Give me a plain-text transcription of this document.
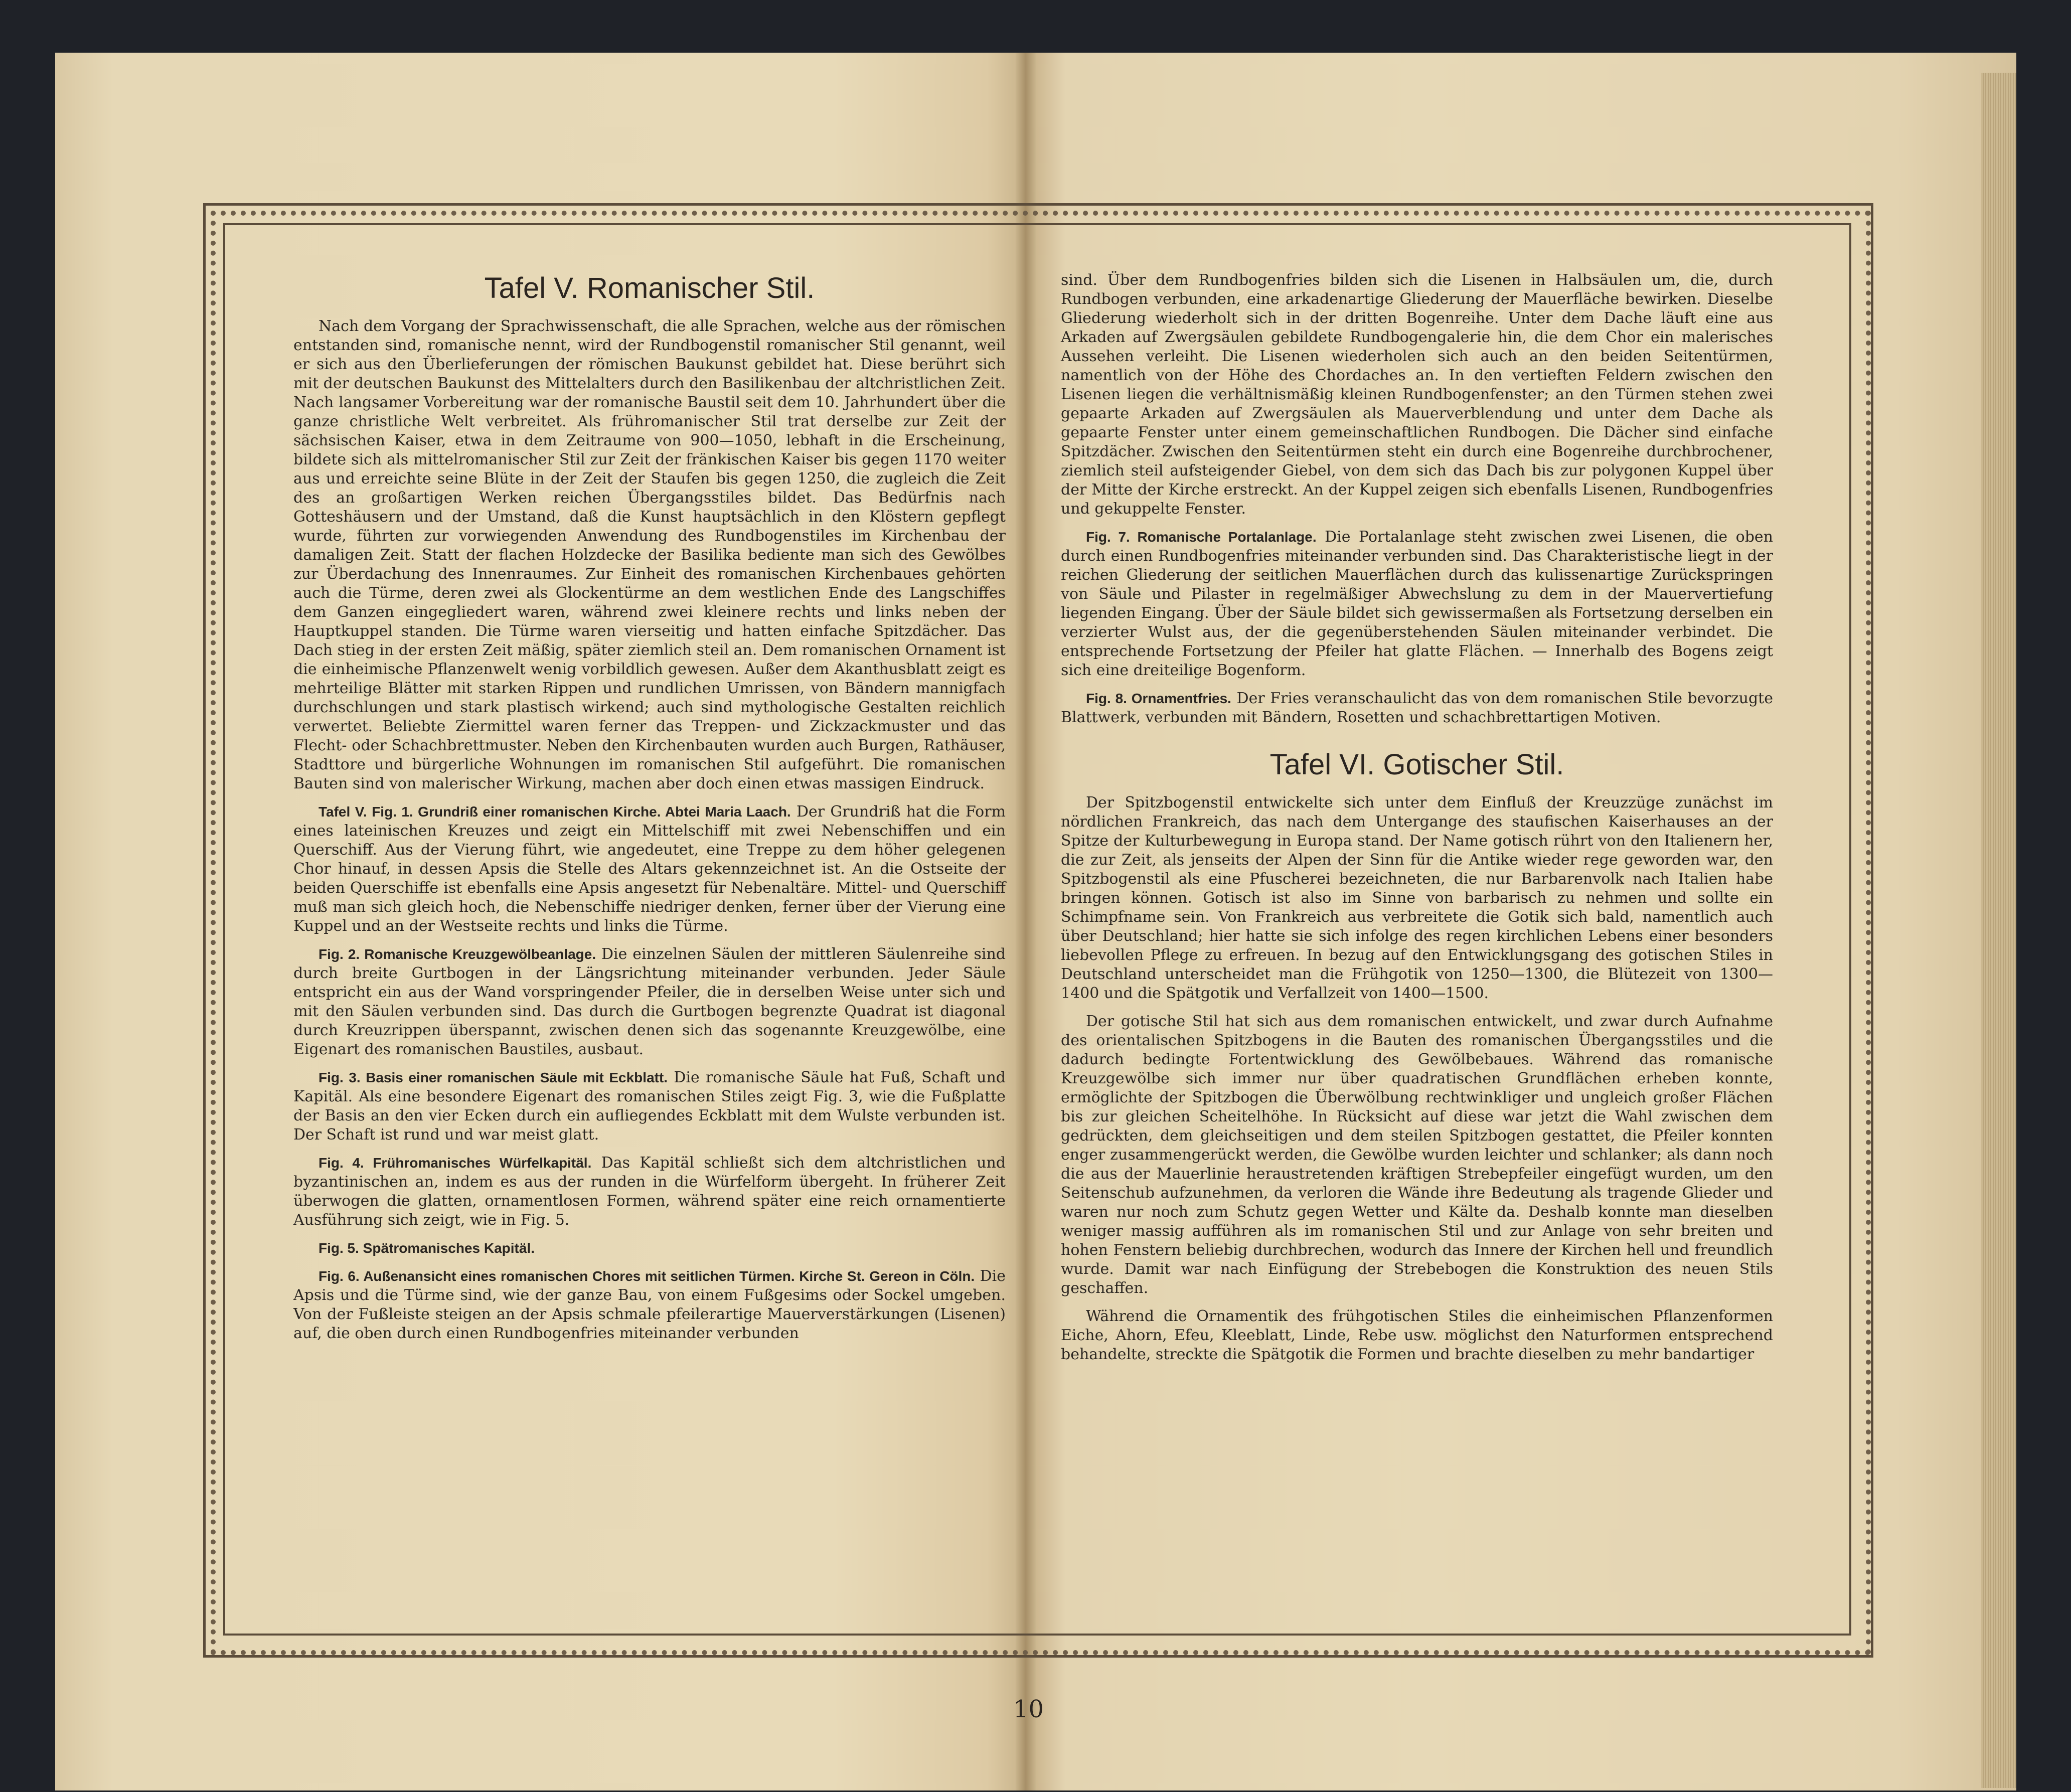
Tafel V. Romanischer Stil.

Nach dem Vorgang der Sprachwissenschaft, die alle Sprachen, welche aus der römischen entstanden sind, romanische nennt, wird der Rundbogenstil romanischer Stil genannt, weil er sich aus den Überlieferungen der römischen Baukunst gebildet hat. Diese berührt sich mit der deutschen Baukunst des Mittelalters durch den Basilikenbau der altchristlichen Zeit. Nach langsamer Vorbereitung war der romanische Baustil seit dem 10. Jahrhundert über die ganze christliche Welt verbreitet. Als frühromanischer Stil trat derselbe zur Zeit der sächsischen Kaiser, etwa in dem Zeitraume von 900—1050, lebhaft in die Erscheinung, bildete sich als mittelromanischer Stil zur Zeit der fränkischen Kaiser bis gegen 1170 weiter aus und erreichte seine Blüte in der Zeit der Staufen bis gegen 1250, die zugleich die Zeit des an großartigen Werken reichen Übergangsstiles bildet. Das Bedürfnis nach Gotteshäusern und der Umstand, daß die Kunst hauptsächlich in den Klöstern gepflegt wurde, führten zur vorwiegenden Anwendung des Rundbogenstiles im Kirchenbau der damaligen Zeit. Statt der flachen Holzdecke der Basilika bediente man sich des Gewölbes zur Überdachung des Innenraumes. Zur Einheit des romanischen Kirchenbaues gehörten auch die Türme, deren zwei als Glockentürme an dem westlichen Ende des Langschiffes dem Ganzen eingegliedert waren, während zwei kleinere rechts und links neben der Hauptkuppel standen. Die Türme waren vierseitig und hatten einfache Spitzdächer. Das Dach stieg in der ersten Zeit mäßig, später ziemlich steil an. Dem romanischen Ornament ist die einheimische Pflanzenwelt wenig vorbildlich gewesen. Außer dem Akanthusblatt zeigt es mehrteilige Blätter mit starken Rippen und rundlichen Umrissen, von Bändern mannigfach durchschlungen und stark plastisch wirkend; auch sind mythologische Gestalten reichlich verwertet. Beliebte Ziermittel waren ferner das Treppen- und Zickzackmuster und das Flecht- oder Schachbrettmuster. Neben den Kirchenbauten wurden auch Burgen, Rathäuser, Stadttore und bürgerliche Wohnungen im romanischen Stil aufgeführt. Die romanischen Bauten sind von malerischer Wirkung, machen aber doch einen etwas massigen Eindruck.

Tafel V. Fig. 1. Grundriß einer romanischen Kirche. Abtei Maria Laach. Der Grundriß hat die Form eines lateinischen Kreuzes und zeigt ein Mittelschiff mit zwei Nebenschiffen und ein Querschiff. Aus der Vierung führt, wie angedeutet, eine Treppe zu dem höher gelegenen Chor hinauf, in dessen Apsis die Stelle des Altars gekennzeichnet ist. An die Ostseite der beiden Querschiffe ist ebenfalls eine Apsis angesetzt für Nebenaltäre. Mittel- und Querschiff muß man sich gleich hoch, die Nebenschiffe niedriger denken, ferner über der Vierung eine Kuppel und an der Westseite rechts und links die Türme.

Fig. 2. Romanische Kreuzgewölbeanlage. Die einzelnen Säulen der mittleren Säulenreihe sind durch breite Gurtbogen in der Längsrichtung miteinander verbunden. Jeder Säule entspricht ein aus der Wand vorspringender Pfeiler, die in derselben Weise unter sich und mit den Säulen verbunden sind. Das durch die Gurtbogen begrenzte Quadrat ist diagonal durch Kreuzrippen überspannt, zwischen denen sich das sogenannte Kreuzgewölbe, eine Eigenart des romanischen Baustiles, ausbaut.

Fig. 3. Basis einer romanischen Säule mit Eckblatt. Die romanische Säule hat Fuß, Schaft und Kapitäl. Als eine besondere Eigenart des romanischen Stiles zeigt Fig. 3, wie die Fußplatte der Basis an den vier Ecken durch ein aufliegendes Eckblatt mit dem Wulste verbunden ist. Der Schaft ist rund und war meist glatt.

Fig. 4. Frühromanisches Würfelkapitäl. Das Kapitäl schließt sich dem altchristlichen und byzantinischen an, indem es aus der runden in die Würfelform übergeht. In früherer Zeit überwogen die glatten, ornamentlosen Formen, während später eine reich ornamentierte Ausführung sich zeigt, wie in Fig. 5.

Fig. 5. Spätromanisches Kapitäl.

Fig. 6. Außenansicht eines romanischen Chores mit seitlichen Türmen. Kirche St. Gereon in Cöln. Die Apsis und die Türme sind, wie der ganze Bau, von einem Fußgesims oder Sockel umgeben. Von der Fußleiste steigen an der Apsis schmale pfeilerartige Mauerverstärkungen (Lisenen) auf, die oben durch einen Rundbogenfries miteinander verbunden

sind. Über dem Rundbogenfries bilden sich die Lisenen in Halbsäulen um, die, durch Rundbogen verbunden, eine arkadenartige Gliederung der Mauerfläche bewirken. Dieselbe Gliederung wiederholt sich in der dritten Bogenreihe. Unter dem Dache läuft eine aus Arkaden auf Zwergsäulen gebildete Rundbogengalerie hin, die dem Chor ein malerisches Aussehen verleiht. Die Lisenen wiederholen sich auch an den beiden Seitentürmen, namentlich von der Höhe des Chordaches an. In den vertieften Feldern zwischen den Lisenen liegen die verhältnismäßig kleinen Rundbogenfenster; an den Türmen stehen zwei gepaarte Arkaden auf Zwergsäulen als Mauerverblendung und unter dem Dache als gepaarte Fenster unter einem gemeinschaftlichen Rundbogen. Die Dächer sind einfache Spitzdächer. Zwischen den Seitentürmen steht ein durch eine Bogenreihe durchbrochener, ziemlich steil aufsteigender Giebel, von dem sich das Dach bis zur polygonen Kuppel über der Mitte der Kirche erstreckt. An der Kuppel zeigen sich ebenfalls Lisenen, Rundbogenfries und gekuppelte Fenster.

Fig. 7. Romanische Portalanlage. Die Portalanlage steht zwischen zwei Lisenen, die oben durch einen Rundbogenfries miteinander verbunden sind. Das Charakteristische liegt in der reichen Gliederung der seitlichen Mauerflächen durch das kulissenartige Zurückspringen von Säule und Pilaster in regelmäßiger Abwechslung zu dem in der Mauervertiefung liegenden Eingang. Über der Säule bildet sich gewissermaßen als Fortsetzung derselben ein verzierter Wulst aus, der die gegenüberstehenden Säulen miteinander verbindet. Die entsprechende Fortsetzung der Pfeiler hat glatte Flächen. — Innerhalb des Bogens zeigt sich eine dreiteilige Bogenform.

Fig. 8. Ornamentfries. Der Fries veranschaulicht das von dem romanischen Stile bevorzugte Blattwerk, verbunden mit Bändern, Rosetten und schachbrettartigen Motiven.

Tafel VI. Gotischer Stil.

Der Spitzbogenstil entwickelte sich unter dem Einfluß der Kreuzzüge zunächst im nördlichen Frankreich, das nach dem Untergange des staufischen Kaiserhauses an der Spitze der Kulturbewegung in Europa stand. Der Name gotisch rührt von den Italienern her, die zur Zeit, als jenseits der Alpen der Sinn für die Antike wieder rege geworden war, den Spitzbogenstil als eine Pfuscherei bezeichneten, die nur Barbarenvolk nach Italien habe bringen können. Gotisch ist also im Sinne von barbarisch zu nehmen und sollte ein Schimpfname sein. Von Frankreich aus verbreitete die Gotik sich bald, namentlich auch über Deutschland; hier hatte sie sich infolge des regen kirchlichen Lebens einer besonders liebevollen Pflege zu erfreuen. In bezug auf den Entwicklungsgang des gotischen Stiles in Deutschland unterscheidet man die Frühgotik von 1250—1300, die Blütezeit von 1300—1400 und die Spätgotik und Verfallzeit von 1400—1500.

Der gotische Stil hat sich aus dem romanischen entwickelt, und zwar durch Aufnahme des orientalischen Spitzbogens in die Bauten des romanischen Übergangsstiles und die dadurch bedingte Fortentwicklung des Gewölbebaues. Während das romanische Kreuzgewölbe sich immer nur über quadratischen Grundflächen erheben konnte, ermöglichte der Spitzbogen die Überwölbung rechtwinkliger und ungleich großer Flächen bis zur gleichen Scheitelhöhe. In Rücksicht auf diese war jetzt die Wahl zwischen dem gedrückten, dem gleichseitigen und dem steilen Spitzbogen gestattet, die Pfeiler konnten enger zusammengerückt werden, die Gewölbe wurden leichter und schlanker; als dann noch die aus der Mauerlinie heraustretenden kräftigen Strebepfeiler eingefügt wurden, um den Seitenschub aufzunehmen, da verloren die Wände ihre Bedeutung als tragende Glieder und waren nur noch zum Schutz gegen Wetter und Kälte da. Deshalb konnte man dieselben weniger massig aufführen als im romanischen Stil und zur Anlage von sehr breiten und hohen Fenstern beliebig durchbrechen, wodurch das Innere der Kirchen hell und freundlich wurde. Damit war nach Einfügung der Strebebogen die Konstruktion des neuen Stils geschaffen.

Während die Ornamentik des frühgotischen Stiles die einheimischen Pflanzenformen Eiche, Ahorn, Efeu, Kleeblatt, Linde, Rebe usw. möglichst den Naturformen entsprechend behandelte, streckte die Spätgotik die Formen und brachte dieselben zu mehr bandartiger

10
